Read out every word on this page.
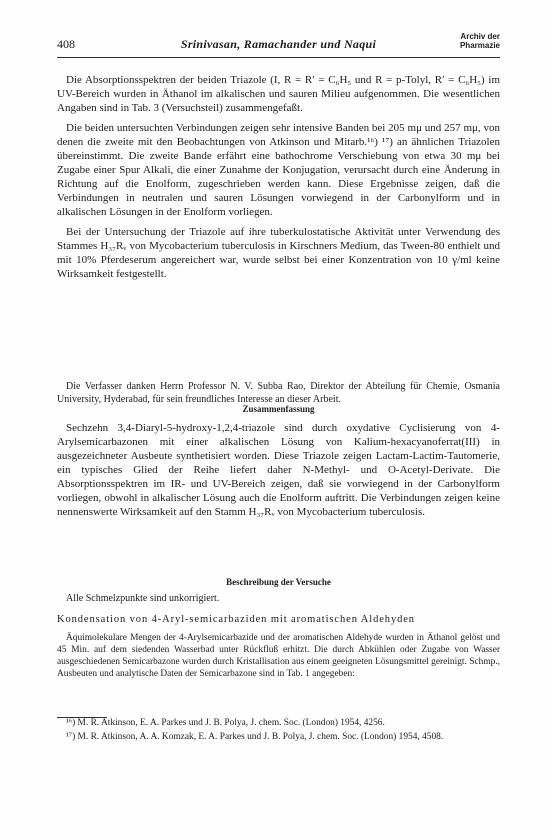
408	Srinivasan, Ramachander und Naqui
Archiv der
Pharmazie

Die Absorptionsspektren der beiden Triazole (I, R = R′ = C₆H₅ und R = p-Tolyl, R′ = C₆H₅) im UV-Bereich wurden in Äthanol im alkalischen und sauren Milieu aufgenommen. Die wesentlichen Angaben sind in Tab. 3 (Versuchsteil) zusammengefaßt.

Die beiden untersuchten Verbindungen zeigen sehr intensive Banden bei 205 mμ und 257 mμ, von denen die zweite mit den Beobachtungen von Atkinson und Mitarb.¹⁶) ¹⁷) an ähnlichen Triazolen übereinstimmt. Die zweite Bande erfährt eine bathochrome Verschiebung von etwa 30 mμ bei Zugabe einer Spur Alkali, die einer Zunahme der Konjugation, verursacht durch eine Änderung in Richtung auf die Enolform, zugeschrieben werden kann. Diese Ergebnisse zeigen, daß die Verbindungen in neutralen und sauren Lösungen vorwiegend in der Carbonylform und in alkalischen Lösungen in der Enolform vorliegen.

Bei der Untersuchung der Triazole auf ihre tuberkulostatische Aktivität unter Verwendung des Stammes H₃₇Rᵥ von Mycobacterium tuberculosis in Kirschners Medium, das Tween-80 enthielt und mit 10% Pferdeserum angereichert war, wurde selbst bei einer Konzentration von 10 γ/ml keine Wirksamkeit festgestellt.

Die Verfasser danken Herrn Professor N. V. Subba Rao, Direktor der Abteilung für Chemie, Osmania University, Hyderabad, für sein freundliches Interesse an dieser Arbeit.

Zusammenfassung

Sechzehn 3,4-Diaryl-5-hydroxy-1,2,4-triazole sind durch oxydative Cyclisierung von 4-Arylsemicarbazonen mit einer alkalischen Lösung von Kalium-hexacyanoferrat(III) in ausgezeichneter Ausbeute synthetisiert worden. Diese Triazole zeigen Lactam-Lactim-Tautomerie, ein typisches Glied der Reihe liefert daher N-Methyl- und O-Acetyl-Derivate. Die Absorptionsspektren im IR- und UV-Bereich zeigen, daß sie vorwiegend in der Carbonylform vorliegen, obwohl in alkalischer Lösung auch die Enolform auftritt. Die Verbindungen zeigen keine nennenswerte Wirksamkeit auf den Stamm H₃₇Rᵥ von Mycobacterium tuberculosis.

Beschreibung der Versuche

Alle Schmelzpunkte sind unkorrigiert.

Kondensation von 4-Aryl-semicarbaziden mit aromatischen Aldehyden

Äquimolekulare Mengen der 4-Arylsemicarbazide und der aromatischen Aldehyde wurden in Äthanol gelöst und 45 Min. auf dem siedenden Wasserbad unter Rückfluß erhitzt. Die durch Abkühlen oder Zugabe von Wasser ausgeschiedenen Semicarbazone wurden durch Kristallisation aus einem geeigneten Lösungsmittel gereinigt. Schmp., Ausbeuten und analytische Daten der Semicarbazone sind in Tab. 1 angegeben:

¹⁶) M. R. Atkinson, E. A. Parkes und J. B. Polya, J. chem. Soc. (London) 1954, 4256.
¹⁷) M. R. Atkinson, A. A. Komzak, E. A. Parkes und J. B. Polya, J. chem. Soc. (London) 1954, 4508.
